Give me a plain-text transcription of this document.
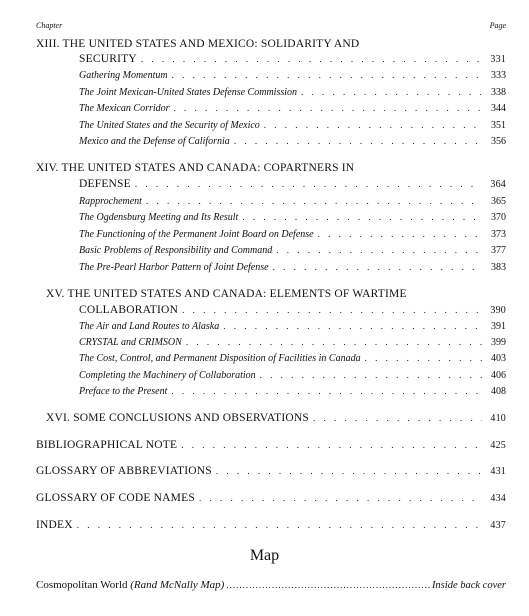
Chapter	Page
XIII. THE UNITED STATES AND MEXICO: SOLIDARITY AND
SECURITY . . .	331
Gathering Momentum . . .	333
The Joint Mexican-United States Defense Commission . . .	338
The Mexican Corridor . . .	344
The United States and the Security of Mexico . . .	351
Mexico and the Defense of California . . .	356
XIV. THE UNITED STATES AND CANADA: COPARTNERS IN
DEFENSE . . .	364
Rapprochement . . .	365
The Ogdensburg Meeting and Its Result . . .	370
The Functioning of the Permanent Joint Board on Defense . . .	373
Basic Problems of Responsibility and Command . . .	377
The Pre-Pearl Harbor Pattern of Joint Defense . . .	383
XV. THE UNITED STATES AND CANADA: ELEMENTS OF WARTIME
COLLABORATION . . .	390
The Air and Land Routes to Alaska . . .	391
CRYSTAL and CRIMSON . . .	399
The Cost, Control, and Permanent Disposition of Facilities in Canada . . .	403
Completing the Machinery of Collaboration . . .	406
Preface to the Present . . .	408
XVI. SOME CONCLUSIONS AND OBSERVATIONS . . .	410
BIBLIOGRAPHICAL NOTE . . .	425
GLOSSARY OF ABBREVIATIONS . . .	431
GLOSSARY OF CODE NAMES . . .	434
INDEX . . .	437
Map
Cosmopolitan World (Rand McNally Map) .....	Inside back cover
